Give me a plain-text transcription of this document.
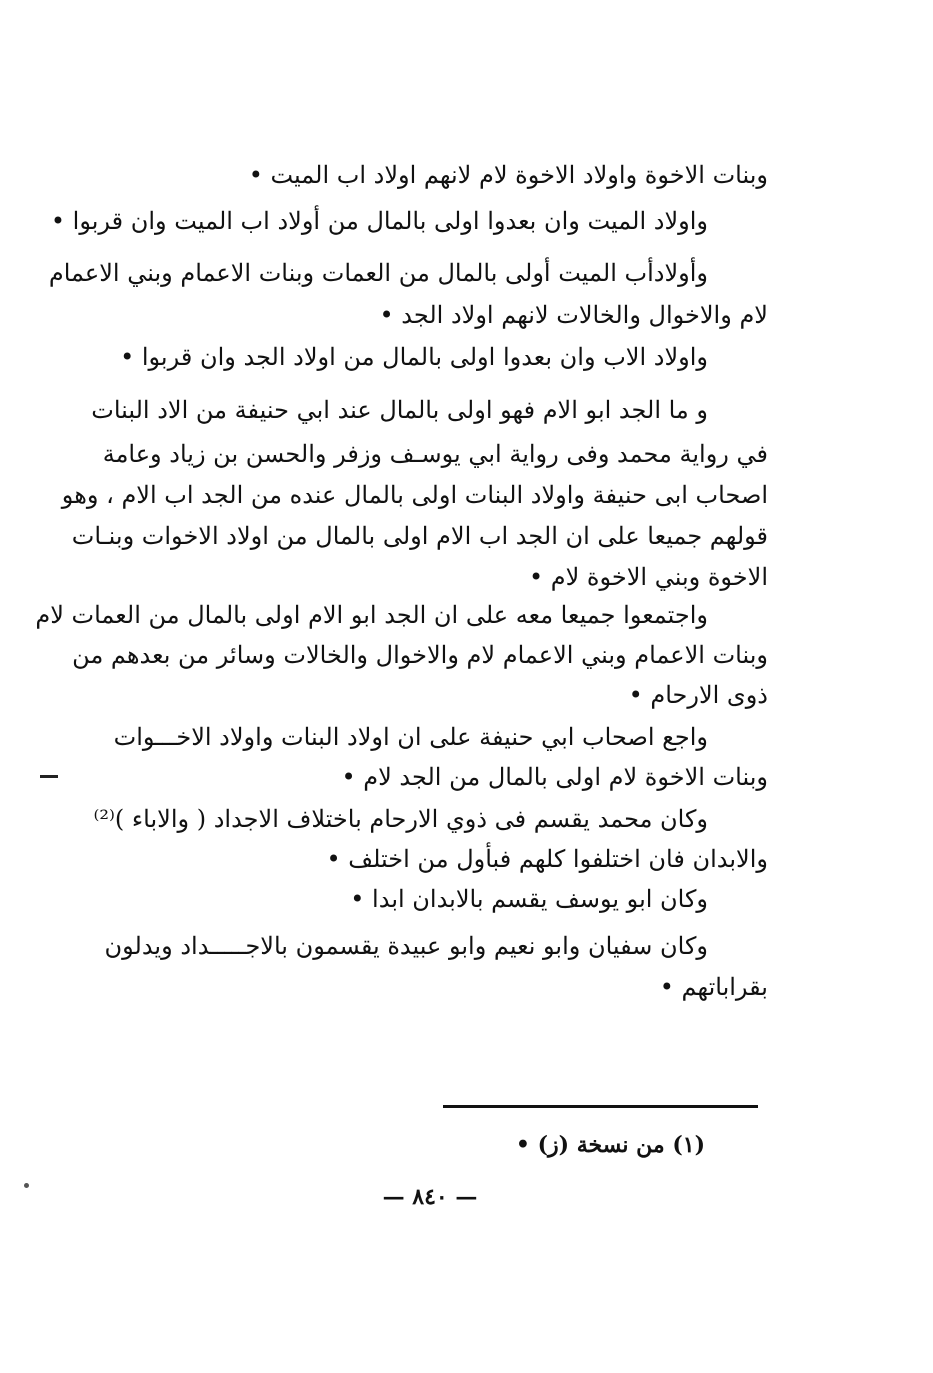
وبنات الاخوة واولاد الاخوة لام لانهم اولاد اب الميت •
واولاد الميت وان بعدوا اولى بالمال من أولاد اب الميت وان قربوا •
وأولادأب الميت أولى بالمال من العمات وبنات الاعمام وبني الاعمام
لام والاخوال والخالات لانهم اولاد الجد •
واولاد الاب وان بعدوا اولى بالمال من اولاد الجد وان قربوا •
و ما الجد ابو الام فهو اولى بالمال عند ابي حنيفة من الاد البنات
في رواية محمد وفى رواية ابي يوسـف وزفر والحسن بن زياد وعامة
اصحاب ابى حنيفة واولاد البنات اولى بالمال عنده من الجد اب الام ، وهو
قولهم جميعا على ان الجد اب الام اولى بالمال من اولاد الاخوات وبنـات
الاخوة وبني الاخوة لام •
واجتمعوا جميعا معه على ان الجد ابو الام اولى بالمال من العمات لام
وبنات الاعمام وبني الاعمام لام والاخوال والخالات وسائر من بعدهم من
ذوى الارحام •
واجع اصحاب ابي حنيفة على ان اولاد البنات واولاد الاخـــوات
وبنات الاخوة لام اولى بالمال من الجد لام •
وكان محمد يقسم فى ذوي الارحام باختلاف الاجداد ( والاباء )⁽²⁾
والابدان فان اختلفوا كلهم فبأول من اختلف •
وكان ابو يوسف يقسم بالابدان ابدا •
وكان سفيان وابو نعيم وابو عبيدة يقسمون بالاجـــــداد ويدلون
بقراباتهم •
(١) من نسخة (ز) •
— ٨٤٠ —
